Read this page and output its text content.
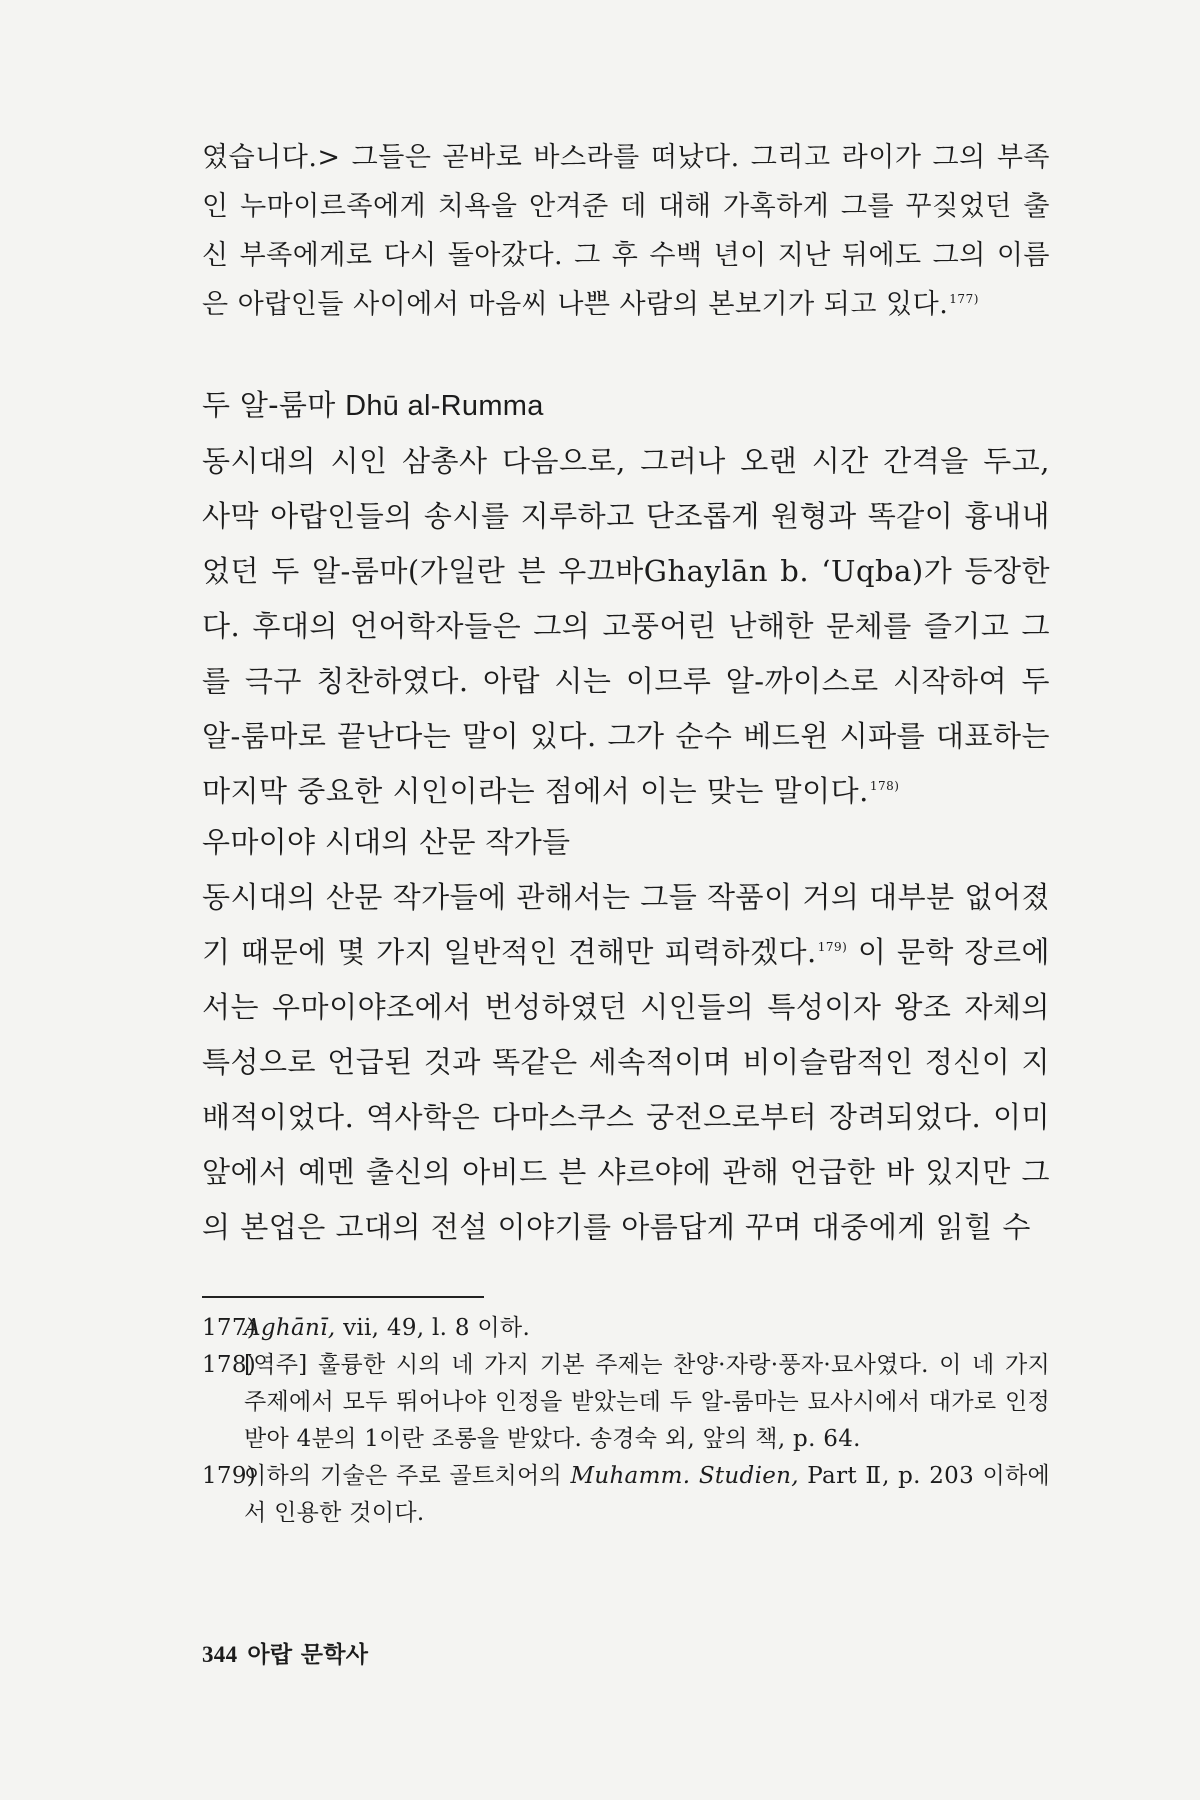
였습니다.> 그들은 곧바로 바스라를 떠났다. 그리고 라이가 그의 부족인 누마이르족에게 치욕을 안겨준 데 대해 가혹하게 그를 꾸짖었던 출신 부족에게로 다시 돌아갔다. 그 후 수백 년이 지난 뒤에도 그의 이름은 아랍인들 사이에서 마음씨 나쁜 사람의 본보기가 되고 있다.$^{177)}$

두 알-룸마 Dhū al-Rumma

동시대의 시인 삼총사 다음으로, 그러나 오랜 시간 간격을 두고, 사막 아랍인들의 송시를 지루하고 단조롭게 원형과 똑같이 흉내내었던 두 알-룸마(가일란 븐 우끄바Ghaylān b. ‘Uqba)가 등장한다. 후대의 언어학자들은 그의 고풍어린 난해한 문체를 즐기고 그를 극구 칭찬하였다. 아랍 시는 이므루 알-까이스로 시작하여 두 알-룸마로 끝난다는 말이 있다. 그가 순수 베드윈 시파를 대표하는 마지막 중요한 시인이라는 점에서 이는 맞는 말이다.$^{178)}$

우마이야 시대의 산문 작가들

동시대의 산문 작가들에 관해서는 그들 작품이 거의 대부분 없어졌기 때문에 몇 가지 일반적인 견해만 피력하겠다.$^{179)}$ 이 문학 장르에서는 우마이야조에서 번성하였던 시인들의 특성이자 왕조 자체의 특성으로 언급된 것과 똑같은 세속적이며 비이슬람적인 정신이 지배적이었다. 역사학은 다마스쿠스 궁전으로부터 장려되었다. 이미 앞에서 예멘 출신의 아비드 븐 샤르야에 관해 언급한 바 있지만 그의 본업은 고대의 전설 이야기를 아름답게 꾸며 대중에게 읽힐 수

177)Aghānī, vii, 49, l. 8 이하.

178)[역주] 훌륭한 시의 네 가지 기본 주제는 찬양·자랑·풍자·묘사였다. 이 네 가지 주제에서 모두 뛰어나야 인정을 받았는데 두 알-룸마는 묘사시에서 대가로 인정받아 4분의 1이란 조롱을 받았다. 송경숙 외, 앞의 책, p. 64.

179)이하의 기술은 주로 골트치어의 Muhamm. Studien, Part Ⅱ, p. 203 이하에서 인용한 것이다.

344 아랍 문학사
